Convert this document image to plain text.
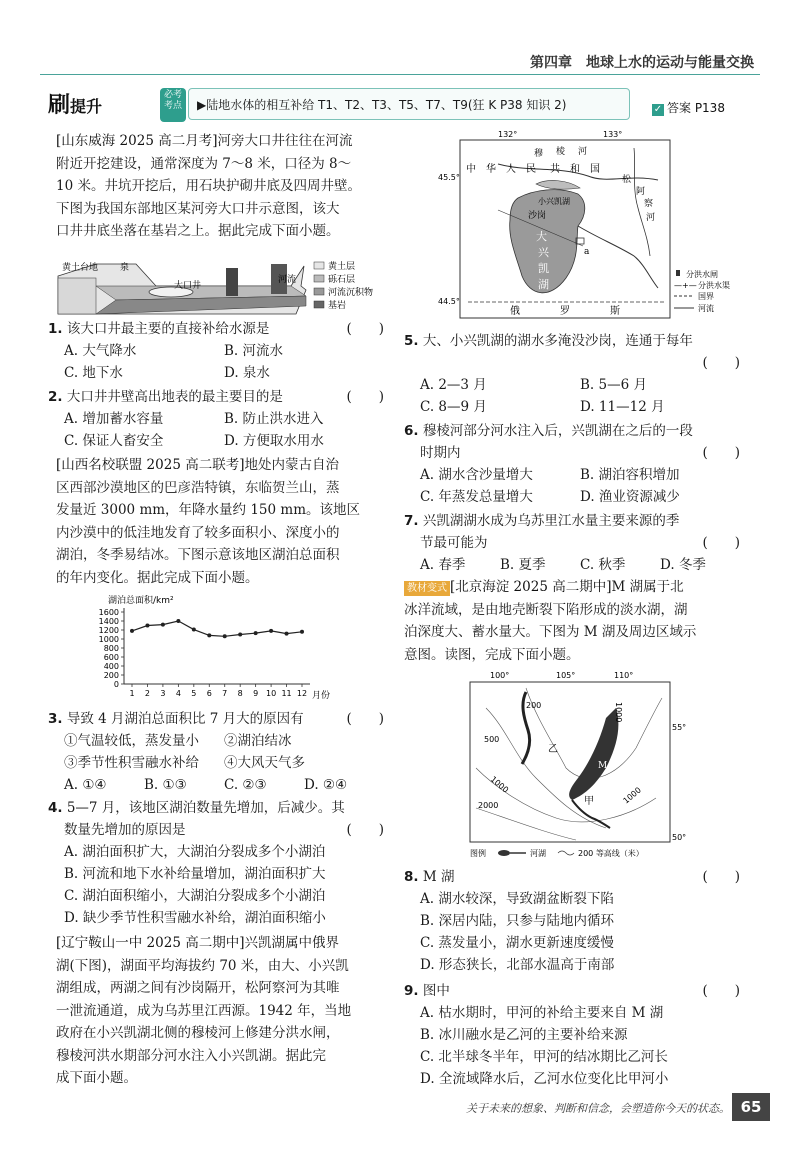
第四章　地球上水的运动与能量交换
刷提升
必考考点	▶陆地水体的相互补给 T1、T2、T3、T5、T7、T9(狂 K P38 知识 2)	✓ 答案 P138
[山东威海 2025 高二月考]河旁大口井往往在河流
附近开挖建设，通常深度为 7～8 米，口径为 8～
10 米。井坑开挖后，用石块护砌井底及四周井壁。
下图为我国东部地区某河旁大口井示意图，该大
口井井底坐落在基岩之上。据此完成下面小题。
黄土台地 泉
河流
大口井
黄土层
砾石层
河流沉积物
基岩
1. 该大口井最主要的直接补给水源是	(　　)
A. 大气降水	B. 河流水
C. 地下水	D. 泉水
2. 大口井井壁高出地表的最主要目的是	(　　)
A. 增加蓄水容量	B. 防止洪水进入
C. 保证人畜安全	D. 方便取水用水
[山西名校联盟 2025 高二联考]地处内蒙古自治
区西部沙漠地区的巴彦浩特镇，东临贺兰山，蒸
发量近 3000 mm，年降水量约 150 mm。该地区
内沙漠中的低洼地发育了较多面积小、深度小的
湖泊，冬季易结冰。下图示意该地区湖泊总面积
的年内变化。据此完成下面小题。
湖泊总面积/km²
月份
1600
1400
1200
1000
800
600
400
200
0
1 2 3 4 5 6 7 8 9 10 11 12
3. 导致 4 月湖泊总面积比 7 月大的原因有	(　　)
①气温较低，蒸发量小	②湖泊结冰
③季节性积雪融水补给	④大风天气多
A. ①④	B. ①③	C. ②③	D. ②④
4. 5—7 月，该地区湖泊数量先增加，后减少。其
数量先增加的原因是	(　　)
A. 湖泊面积扩大，大湖泊分裂成多个小湖泊
B. 河流和地下水补给量增加，湖泊面积扩大
C. 湖泊面积缩小，大湖泊分裂成多个小湖泊
D. 缺少季节性积雪融水补给，湖泊面积缩小
[辽宁鞍山一中 2025 高二期中]兴凯湖属中俄界
湖(下图)，湖面平均海拔约 70 米，由大、小兴凯
湖组成，两湖之间有沙岗隔开，松阿察河为其唯
一泄流通道，成为乌苏里江西源。1942 年，当地
政府在小兴凯湖北侧的穆棱河上修建分洪水闸，
穆棱河洪水期部分河水注入小兴凯湖。据此完
成下面小题。
132°	133°
45.5°
44.5°
中 华 人 民 共 和 国
小兴凯湖
沙岗
大
兴
凯
湖
俄	罗	斯
松
阿
察
河
穆 棱 河
a
分洪水闸
—+— 分洪水渠
国界
河流
5. 大、小兴凯湖的湖水多淹没沙岗，连通于每年
(　　)
A. 2—3 月	B. 5—6 月
C. 8—9 月	D. 11—12 月
6. 穆棱河部分河水注入后，兴凯湖在之后的一段
时期内	(　　)
A. 湖水含沙量增大	B. 湖泊容积增加
C. 年蒸发总量增大	D. 渔业资源减少
7. 兴凯湖湖水成为乌苏里江水量主要来源的季
节最可能为	(　　)
A. 春季	B. 夏季	C. 秋季	D. 冬季
教材变式 [北京海淀 2025 高二期中]M 湖属于北
冰洋流域，是由地壳断裂下陷形成的淡水湖，湖
泊深度大、蓄水量大。下图为 M 湖及周边区域示
意图。读图，完成下面小题。
100°	105°	110°
55°
50°
200	1000
500
1000
2000	1000
乙
M
甲
图例	河湖	200 等高线（米）
8. M 湖	(　　)
A. 湖水较深，导致湖盆断裂下陷
B. 深居内陆，只参与陆地内循环
C. 蒸发量小，湖水更新速度缓慢
D. 形态狭长，北部水温高于南部
9. 图中	(　　)
A. 枯水期时，甲河的补给主要来自 M 湖
B. 冰川融水是乙河的主要补给来源
C. 北半球冬半年，甲河的结冰期比乙河长
D. 全流域降水后，乙河水位变化比甲河小
关于未来的想象、判断和信念，会塑造你今天的状态。 65
